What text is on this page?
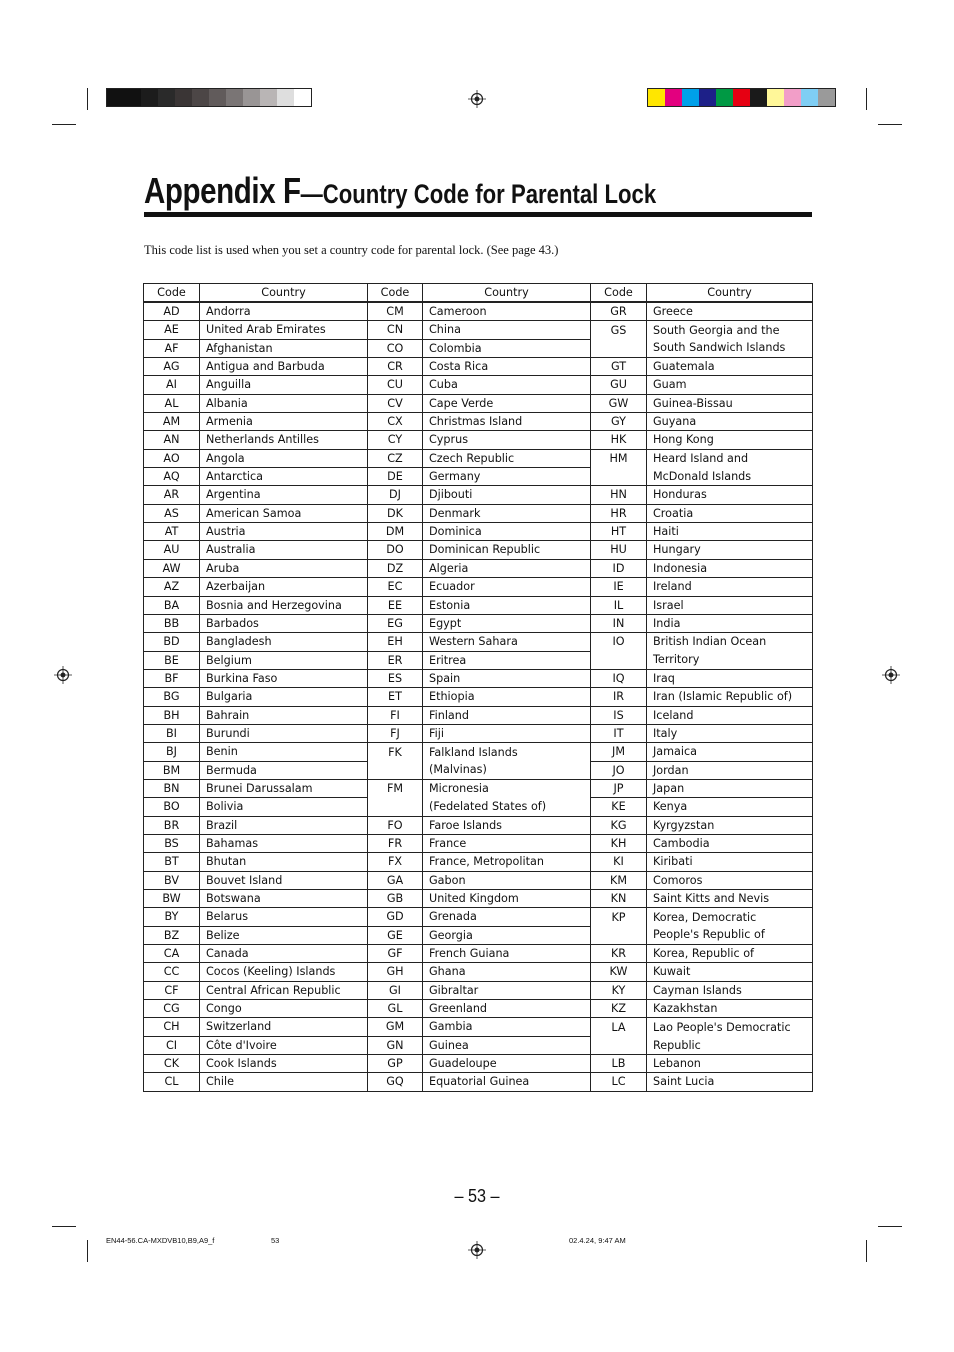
Appendix F—Country Code for Parental Lock

This code list is used when you set a country code for parental lock. (See page 43.)

Code	Country	Code	Country	Code	Country
AD	Andorra	CM	Cameroon	GR	Greece
AE	United Arab Emirates	CN	China	GS	South Georgia and the
AF	Afghanistan	CO	Colombia		South Sandwich Islands
AG	Antigua and Barbuda	CR	Costa Rica	GT	Guatemala
AI	Anguilla	CU	Cuba	GU	Guam
AL	Albania	CV	Cape Verde	GW	Guinea-Bissau
AM	Armenia	CX	Christmas Island	GY	Guyana
AN	Netherlands Antilles	CY	Cyprus	HK	Hong Kong
AO	Angola	CZ	Czech Republic	HM	Heard Island and
AQ	Antarctica	DE	Germany		McDonald Islands
AR	Argentina	DJ	Djibouti	HN	Honduras
AS	American Samoa	DK	Denmark	HR	Croatia
AT	Austria	DM	Dominica	HT	Haiti
AU	Australia	DO	Dominican Republic	HU	Hungary
AW	Aruba	DZ	Algeria	ID	Indonesia
AZ	Azerbaijan	EC	Ecuador	IE	Ireland
BA	Bosnia and Herzegovina	EE	Estonia	IL	Israel
BB	Barbados	EG	Egypt	IN	India
BD	Bangladesh	EH	Western Sahara	IO	British Indian Ocean
BE	Belgium	ER	Eritrea		Territory
BF	Burkina Faso	ES	Spain	IQ	Iraq
BG	Bulgaria	ET	Ethiopia	IR	Iran (Islamic Republic of)
BH	Bahrain	FI	Finland	IS	Iceland
BI	Burundi	FJ	Fiji	IT	Italy
BJ	Benin	FK	Falkland Islands	JM	Jamaica
BM	Bermuda		(Malvinas)	JO	Jordan
BN	Brunei Darussalam	FM	Micronesia	JP	Japan
BO	Bolivia		(Fedelated States of)	KE	Kenya
BR	Brazil	FO	Faroe Islands	KG	Kyrgyzstan
BS	Bahamas	FR	France	KH	Cambodia
BT	Bhutan	FX	France, Metropolitan	KI	Kiribati
BV	Bouvet Island	GA	Gabon	KM	Comoros
BW	Botswana	GB	United Kingdom	KN	Saint Kitts and Nevis
BY	Belarus	GD	Grenada	KP	Korea, Democratic
BZ	Belize	GE	Georgia		People's Republic of
CA	Canada	GF	French Guiana	KR	Korea, Republic of
CC	Cocos (Keeling) Islands	GH	Ghana	KW	Kuwait
CF	Central African Republic	GI	Gibraltar	KY	Cayman Islands
CG	Congo	GL	Greenland	KZ	Kazakhstan
CH	Switzerland	GM	Gambia	LA	Lao People's Democratic
CI	Côte d'Ivoire	GN	Guinea		Republic
CK	Cook Islands	GP	Guadeloupe	LB	Lebanon
CL	Chile	GQ	Equatorial Guinea	LC	Saint Lucia
– 53 –
EN44-56.CA-MXDVB10,B9,A9_f	53	02.4.24, 9:47 AM
